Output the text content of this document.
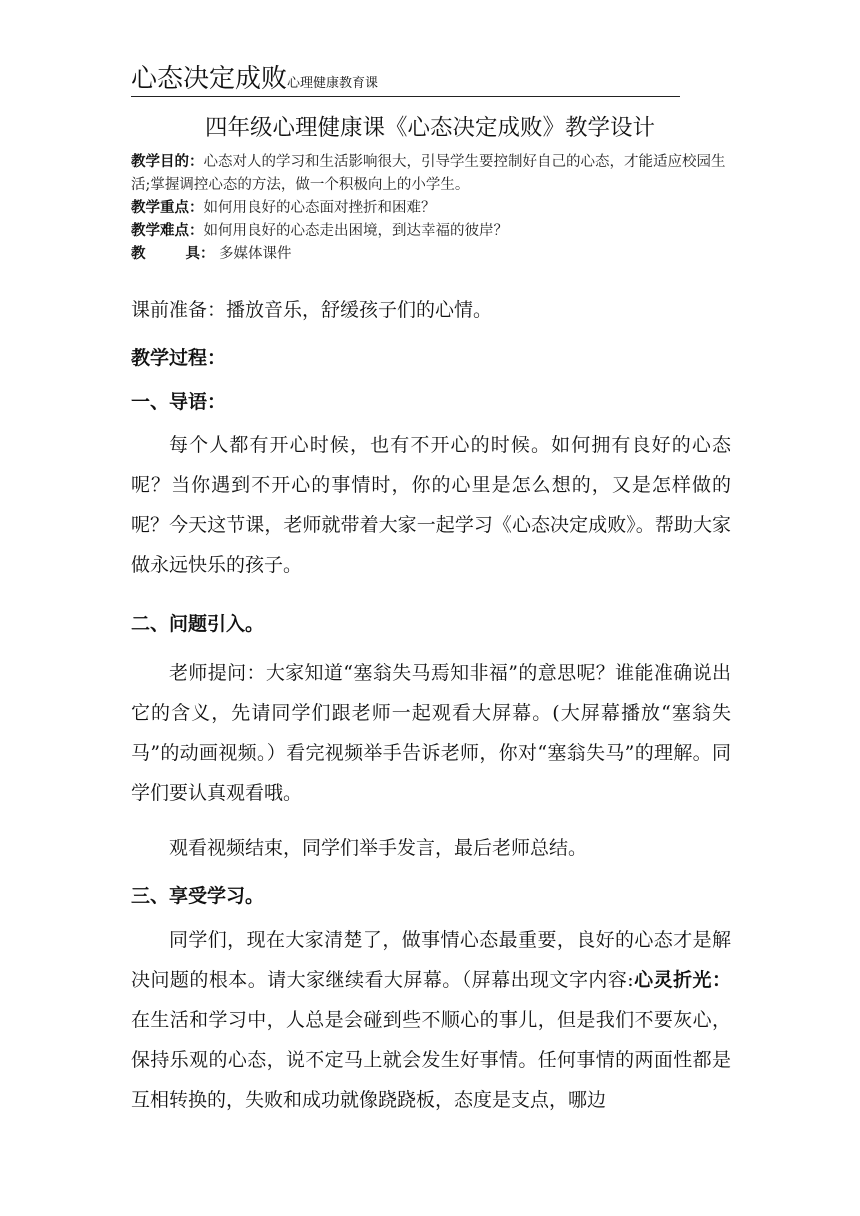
心态决定成败心理健康教育课
四年级心理健康课《心态决定成败》教学设计
教学目的：心态对人的学习和生活影响很大，引导学生要控制好自己的心态，才能适应校园生活;掌握调控心态的方法，做一个积极向上的小学生。
教学重点：如何用良好的心态面对挫折和困难？
教学难点：如何用良好的心态走出困境，到达幸福的彼岸？
教	具： 多媒体课件
课前准备：播放音乐，舒缓孩子们的心情。
教学过程：
一、导语：
每个人都有开心时候，也有不开心的时候。如何拥有良好的心态呢？当你遇到不开心的事情时，你的心里是怎么想的，又是怎样做的呢？今天这节课，老师就带着大家一起学习《心态决定成败》。帮助大家做永远快乐的孩子。
二、问题引入。
老师提问：大家知道“塞翁失马焉知非福”的意思呢？谁能准确说出它的含义，先请同学们跟老师一起观看大屏幕。(大屏幕播放“塞翁失马”的动画视频。）看完视频举手告诉老师，你对“塞翁失马”的理解。同学们要认真观看哦。
观看视频结束，同学们举手发言，最后老师总结。
三、享受学习。
同学们，现在大家清楚了，做事情心态最重要，良好的心态才是解决问题的根本。请大家继续看大屏幕。（屏幕出现文字内容:心灵折光：在生活和学习中，人总是会碰到些不顺心的事儿，但是我们不要灰心，保持乐观的心态，说不定马上就会发生好事情。任何事情的两面性都是互相转换的，失败和成功就像跷跷板，态度是支点，哪边
